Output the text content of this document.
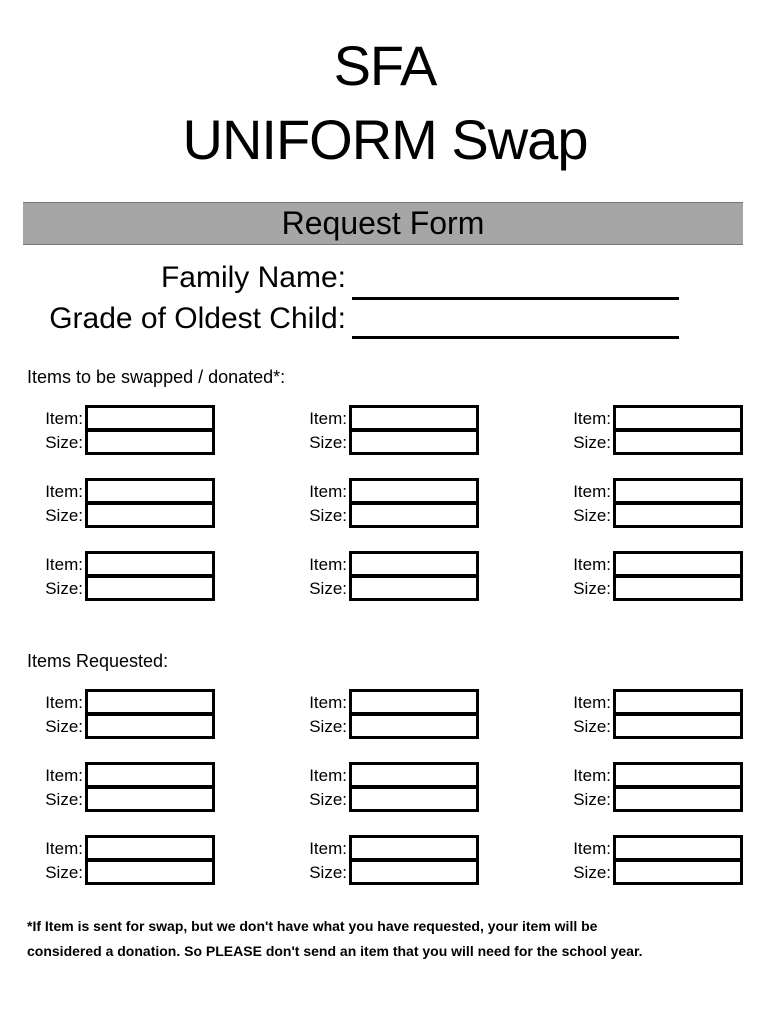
SFA
UNIFORM Swap
Request Form
Family Name:
Grade of Oldest Child:
Items to be swapped / donated*:
Items Requested:
*If Item is sent for swap, but we don't have what you have requested, your item will be
considered a donation. So PLEASE don't send an item that you will need for the school year.
Item:
Size:
Item:
Size:
Item:
Size:
Item:
Size:
Item:
Size:
Item:
Size:
Item:
Size:
Item:
Size:
Item:
Size:
Item:
Size:
Item:
Size:
Item:
Size:
Item:
Size:
Item:
Size:
Item:
Size:
Item:
Size:
Item:
Size:
Item:
Size:
